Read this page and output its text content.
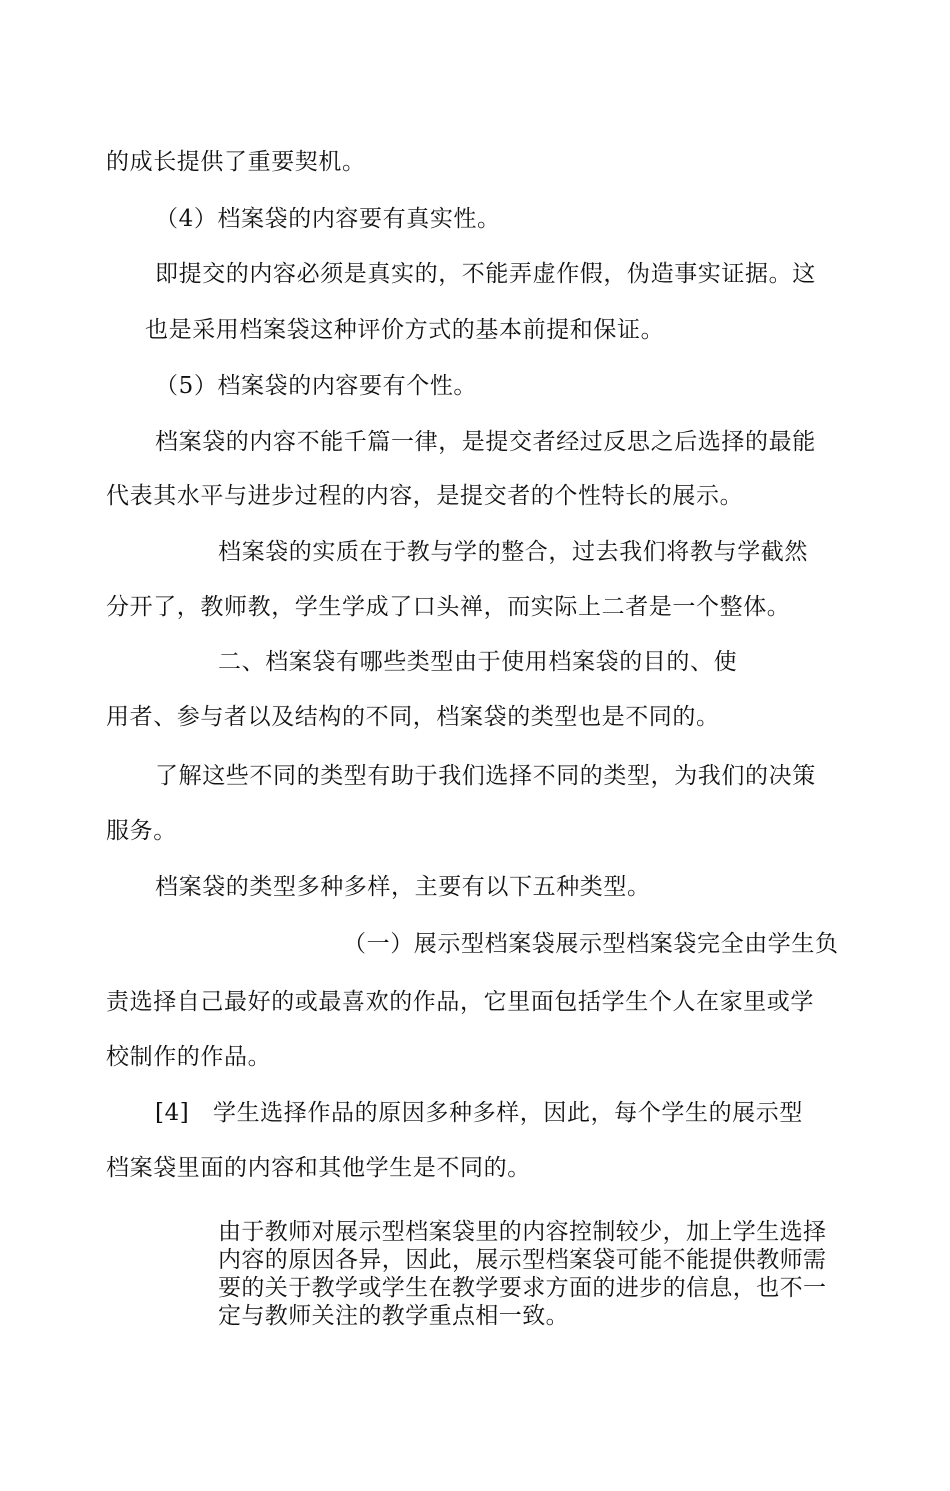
的成长提供了重要契机。
（4）档案袋的内容要有真实性。
即提交的内容必须是真实的，不能弄虚作假，伪造事实证据。这
也是采用档案袋这种评价方式的基本前提和保证。
（5）档案袋的内容要有个性。
档案袋的内容不能千篇一律，是提交者经过反思之后选择的最能
代表其水平与进步过程的内容，是提交者的个性特长的展示。
档案袋的实质在于教与学的整合，过去我们将教与学截然
分开了，教师教，学生学成了口头禅，而实际上二者是一个整体。
二、档案袋有哪些类型由于使用档案袋的目的、使
用者、参与者以及结构的不同，档案袋的类型也是不同的。
了解这些不同的类型有助于我们选择不同的类型，为我们的决策
服务。
档案袋的类型多种多样，主要有以下五种类型。
（一）展示型档案袋展示型档案袋完全由学生负
责选择自己最好的或最喜欢的作品，它里面包括学生个人在家里或学
校制作的作品。
[4]　学生选择作品的原因多种多样，因此，每个学生的展示型
档案袋里面的内容和其他学生是不同的。
由于教师对展示型档案袋里的内容控制较少，加上学生选择
内容的原因各异，因此，展示型档案袋可能不能提供教师需
要的关于教学或学生在教学要求方面的进步的信息，也不一
定与教师关注的教学重点相一致。
